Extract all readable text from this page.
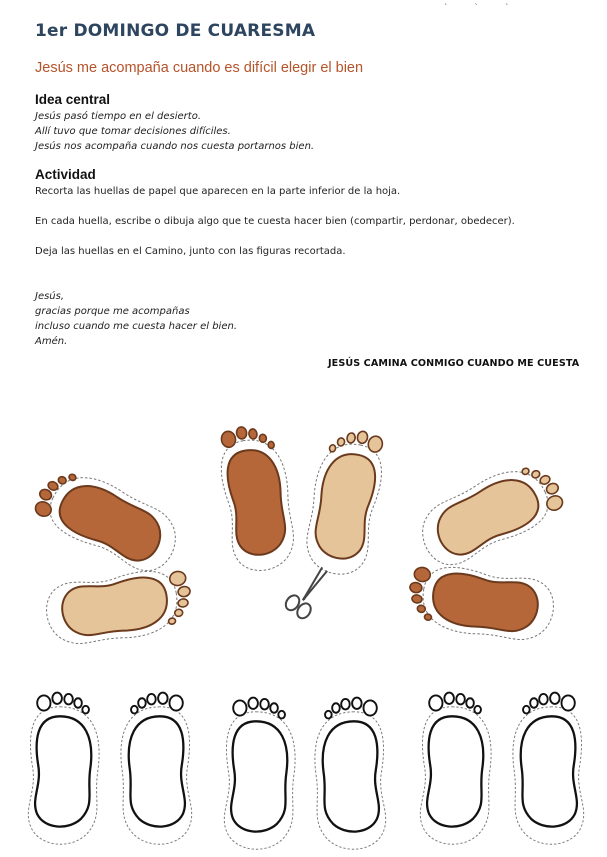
` ` `
1er DOMINGO DE CUARESMA
Jesús me acompaña cuando es difícil elegir el bien
Idea central
Jesús pasó tiempo en el desierto.
Allí tuvo que tomar decisiones difíciles.
Jesús nos acompaña cuando nos cuesta portarnos bien.
Actividad
Recorta las huellas de papel que aparecen en la parte inferior de la hoja.
En cada huella, escribe o dibuja algo que te cuesta hacer bien (compartir, perdonar, obedecer).
Deja las huellas en el Camino, junto con las figuras recortada.
Jesús,
gracias porque me acompañas
incluso cuando me cuesta hacer el bien.
Amén.
JESÚS CAMINA CONMIGO CUANDO ME CUESTA
